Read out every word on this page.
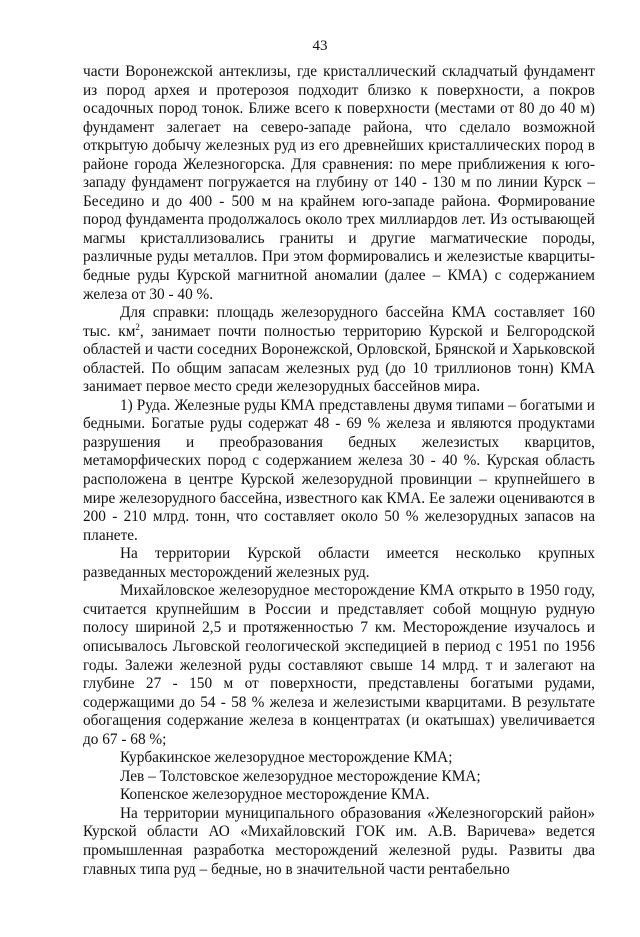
43

части Воронежской антеклизы, где кристаллический складчатый фундамент из пород архея и протерозоя подходит близко к поверхности, а покров осадочных пород тонок. Ближе всего к поверхности (местами от 80 до 40 м) фундамент залегает на северо-западе района, что сделало возможной открытую добычу железных руд из его древнейших кристаллических пород в районе города Железногорска. Для сравнения: по мере приближения к юго-западу фундамент погружается на глубину от 140 - 130 м по линии Курск – Беседино и до 400 - 500 м на крайнем юго-западе района. Формирование пород фундамента продолжалось около трех миллиардов лет. Из остывающей магмы кристаллизовались граниты и другие магматические породы, различные руды металлов. При этом формировались и железистые кварциты-бедные руды Курской магнитной аномалии (далее – КМА) с содержанием железа от 30 - 40 %.

Для справки: площадь железорудного бассейна КМА составляет 160 тыс. $км^2$, занимает почти полностью территорию Курской и Белгородской областей и части соседних Воронежской, Орловской, Брянской и Харьковской областей. По общим запасам железных руд (до 10 триллионов тонн) КМА занимает первое место среди железорудных бассейнов мира.

1) Руда. Железные руды КМА представлены двумя типами – богатыми и бедными. Богатые руды содержат 48 - 69 % железа и являются продуктами разрушения и преобразования бедных железистых кварцитов, метаморфических пород с содержанием железа 30 - 40 %. Курская область расположена в центре Курской железорудной провинции – крупнейшего в мире железорудного бассейна, известного как КМА. Ее залежи оцениваются в 200 - 210 млрд. тонн, что составляет около 50 % железорудных запасов на планете.

На территории Курской области имеется несколько крупных разведанных месторождений железных руд.

Михайловское железорудное месторождение КМА открыто в 1950 году, считается крупнейшим в России и представляет собой мощную рудную полосу шириной 2,5 и протяженностью 7 км. Месторождение изучалось и описывалось Льговской геологической экспедицией в период с 1951 по 1956 годы. Залежи железной руды составляют свыше 14 млрд. т и залегают на глубине 27 - 150 м от поверхности, представлены богатыми рудами, содержащими до 54 - 58 % железа и железистыми кварцитами. В результате обогащения содержание железа в концентратах (и окатышах) увеличивается до 67 - 68 %;

Курбакинское железорудное месторождение КМА;

Лев – Толстовское железорудное месторождение КМА;

Копенское железорудное месторождение КМА.

На территории муниципального образования «Железногорский район» Курской области АО «Михайловский ГОК им. А.В. Варичева» ведется промышленная разработка месторождений железной руды. Развиты два главных типа руд – бедные, но в значительной части рентабельно
